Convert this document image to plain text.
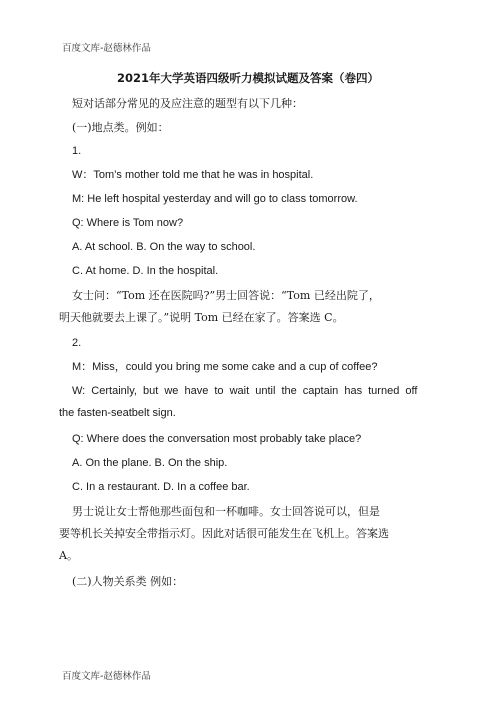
百度文库-赵德林作品
2021年大学英语四级听力模拟试题及答案（卷四）

短对话部分常见的及应注意的题型有以下几种：

(一)地点类。例如：

1.

W：Tom’s mother told me that he was in hospital.

M: He left hospital yesterday and will go to class tomorrow.

Q: Where is Tom now?

A. At school. B. On the way to school.

C. At home. D. In the hospital.

女士问：“Tom 还在医院吗?”男士回答说：“Tom 已经出院了，

明天他就要去上课了。”说明 Tom 已经在家了。答案选 C。

2.

M：Miss，could you bring me some cake and a cup of coffee?

W: Certainly, but we have to wait until the captain has turned off

the fasten-seatbelt sign.

Q: Where does the conversation most probably take place?

A. On the plane. B. On the ship.

C. In a restaurant. D. In a coffee bar.

男士说让女士帮他那些面包和一杯咖啡。女士回答说可以，但是

要等机长关掉安全带指示灯。因此对话很可能发生在飞机上。答案选

A。

(二)人物关系类 例如：

百度文库-赵德林作品
